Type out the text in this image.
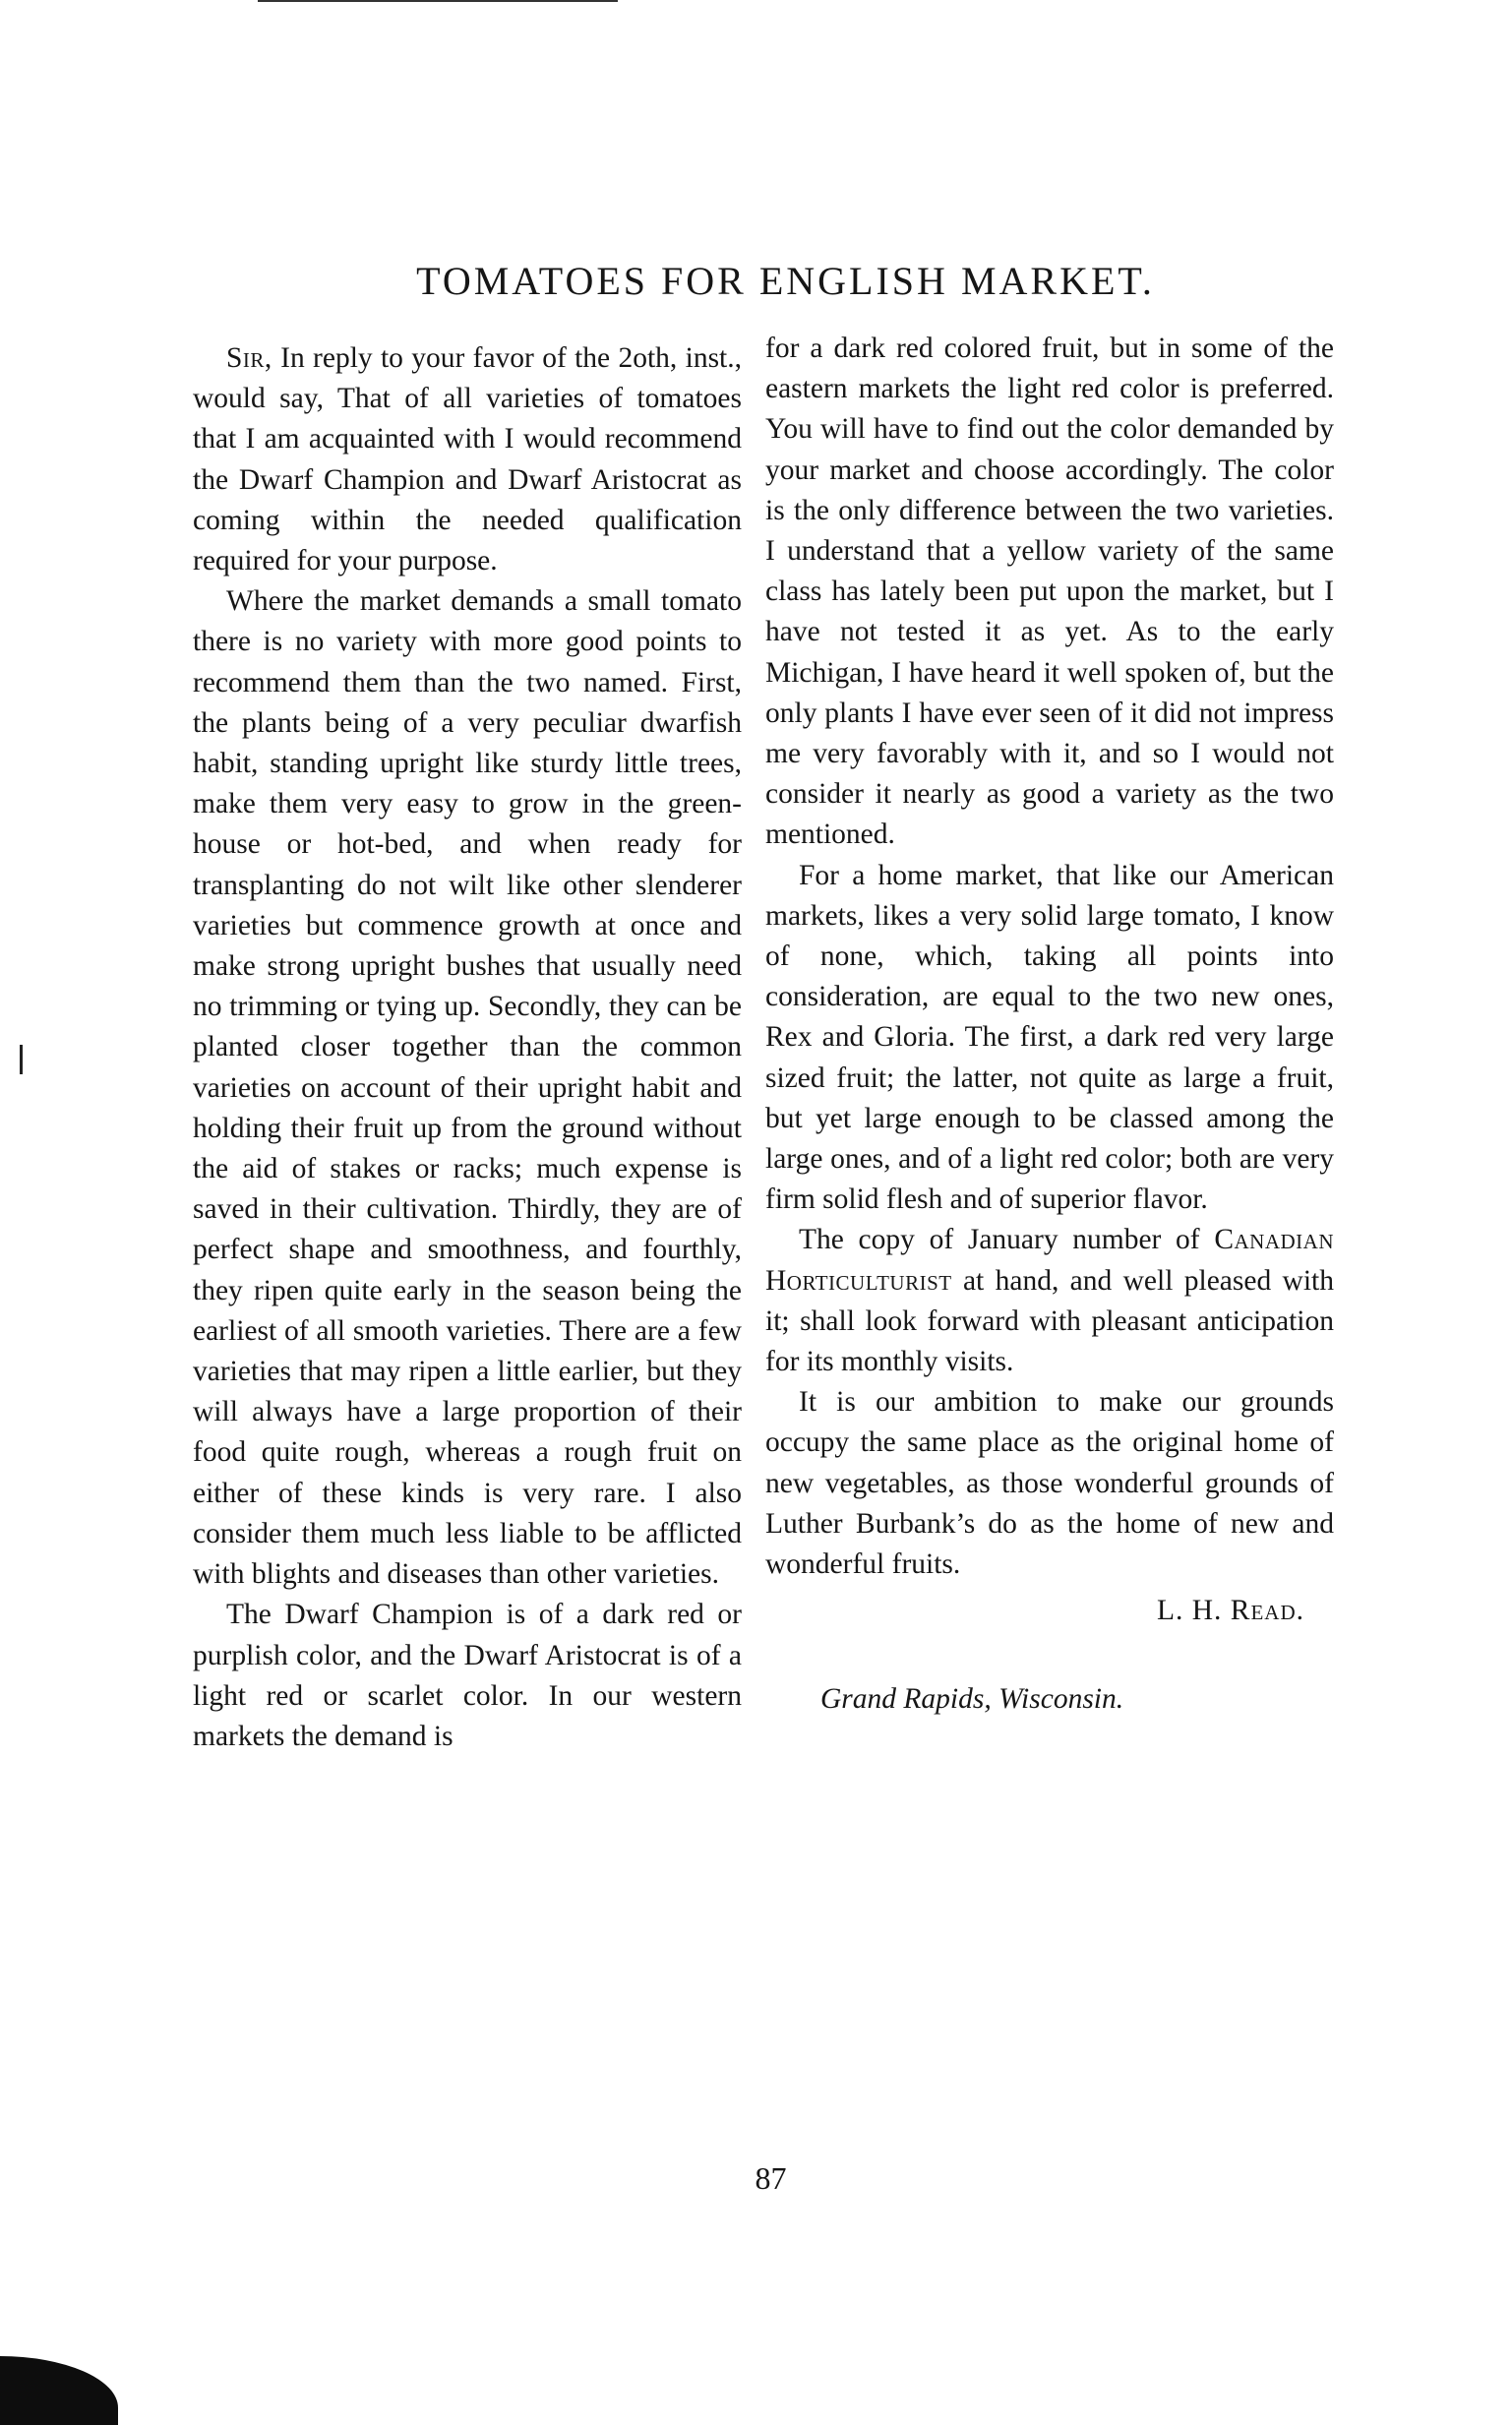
TOMATOES FOR ENGLISH MARKET.

Sir, In reply to your favor of the 2oth, inst., would say, That of all varieties of tomatoes that I am acquainted with I would recommend the Dwarf Champion and Dwarf Aristocrat as coming within the needed qualification required for your purpose.

Where the market demands a small tomato there is no variety with more good points to recommend them than the two named. First, the plants being of a very peculiar dwarfish habit, standing upright like sturdy little trees, make them very easy to grow in the greenhouse or hot-bed, and when ready for transplanting do not wilt like other slenderer varieties but commence growth at once and make strong upright bushes that usually need no trimming or tying up. Secondly, they can be planted closer together than the common varieties on account of their upright habit and holding their fruit up from the ground without the aid of stakes or racks; much expense is saved in their cultivation. Thirdly, they are of perfect shape and smoothness, and fourthly, they ripen quite early in the season being the earliest of all smooth varieties. There are a few varieties that may ripen a little earlier, but they will always have a large proportion of their food quite rough, whereas a rough fruit on either of these kinds is very rare. I also consider them much less liable to be afflicted with blights and diseases than other varieties.

The Dwarf Champion is of a dark red or purplish color, and the Dwarf Aristocrat is of a light red or scarlet color. In our western markets the demand is

for a dark red colored fruit, but in some of the eastern markets the light red color is preferred. You will have to find out the color demanded by your market and choose accordingly. The color is the only difference between the two varieties. I understand that a yellow variety of the same class has lately been put upon the market, but I have not tested it as yet. As to the early Michigan, I have heard it well spoken of, but the only plants I have ever seen of it did not impress me very favorably with it, and so I would not consider it nearly as good a variety as the two mentioned.

For a home market, that like our American markets, likes a very solid large tomato, I know of none, which, taking all points into consideration, are equal to the two new ones, Rex and Gloria. The first, a dark red very large sized fruit; the latter, not quite as large a fruit, but yet large enough to be classed among the large ones, and of a light red color; both are very firm solid flesh and of superior flavor.

The copy of January number of Canadian Horticulturist at hand, and well pleased with it; shall look forward with pleasant anticipation for its monthly visits.

It is our ambition to make our grounds occupy the same place as the original home of new vegetables, as those wonderful grounds of Luther Burbank’s do as the home of new and wonderful fruits.

L. H. Read.

Grand Rapids, Wisconsin.

87
